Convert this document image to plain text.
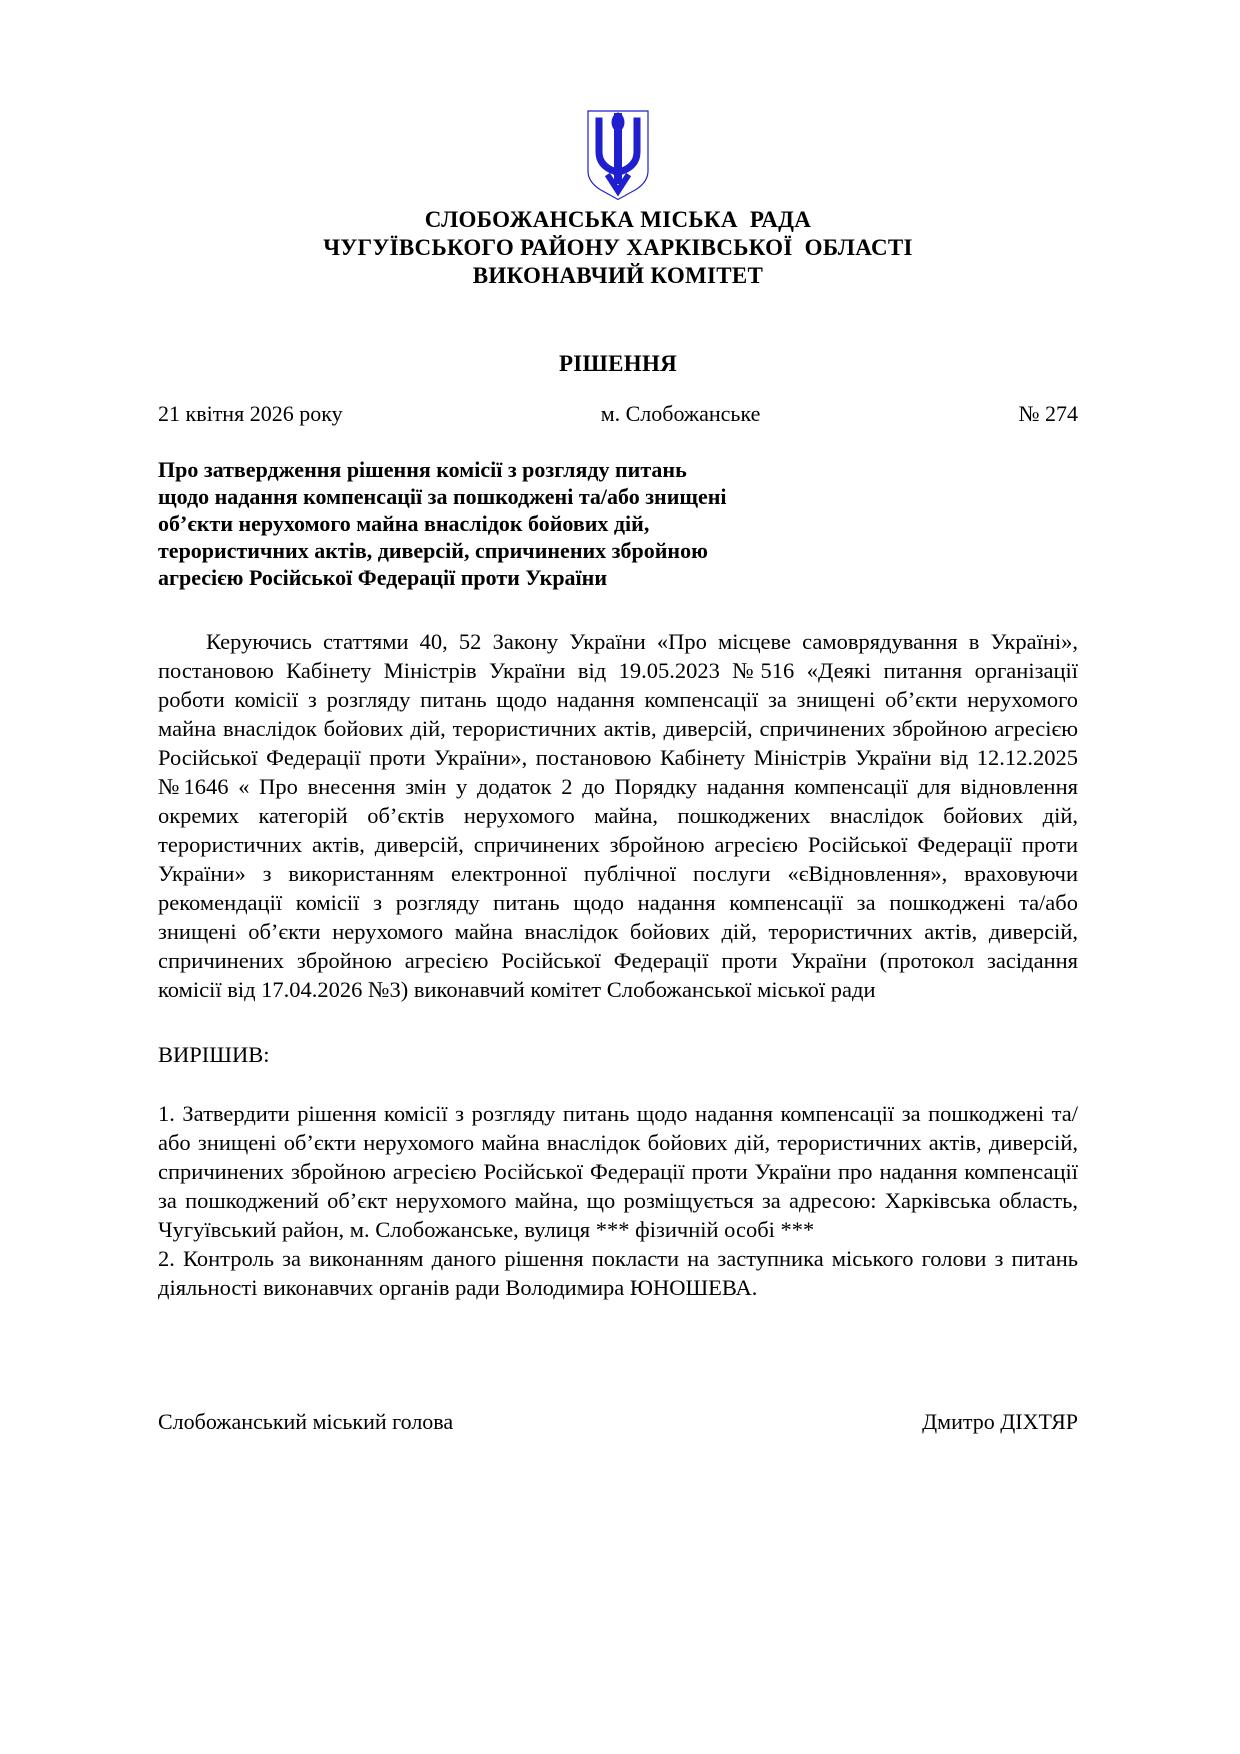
СЛОБОЖАНСЬКА МІСЬКА  РАДА
ЧУГУЇВСЬКОГО РАЙОНУ ХАРКІВСЬКОЇ  ОБЛАСТІ
ВИКОНАВЧИЙ КОМІТЕТ
РІШЕННЯ
21 квітня 2026 року	м. Слобожанське	№ 274
Про затвердження рішення комісії з розгляду питань
щодо надання компенсації за пошкоджені та/або знищені
об’єкти нерухомого майна внаслідок бойових дій,
терористичних актів, диверсій, спричинених збройною
агресією Російської Федерації проти України
Керуючись статтями 40, 52 Закону України «Про місцеве самоврядування в Україні», постановою Кабінету Міністрів України від 19.05.2023 №516 «Деякі питання організації роботи комісії з розгляду питань щодо надання компенсації за знищені об’єкти нерухомого майна внаслідок бойових дій, терористичних актів, диверсій, спричинених збройною агресією Російської Федерації проти України», постановою Кабінету Міністрів України від 12.12.2025 №1646 « Про внесення змін у додаток 2 до Порядку надання компенсації для відновлення окремих категорій об’єктів нерухомого майна, пошкоджених внаслідок бойових дій, терористичних актів, диверсій, спричинених збройною агресією Російської Федерації проти України» з використанням електронної публічної послуги «єВідновлення», враховуючи рекомендації комісії з розгляду питань щодо надання компенсації за пошкоджені та/або знищені об’єкти нерухомого майна внаслідок бойових дій, терористичних актів, диверсій, спричинених збройною агресією Російської Федерації проти України (протокол засідання комісії від 17.04.2026 №3) виконавчий комітет Слобожанської міської ради
ВИРІШИВ:
1. Затвердити рішення комісії з розгляду питань щодо надання компенсації за пошкоджені та/або знищені об’єкти нерухомого майна внаслідок бойових дій, терористичних актів, диверсій, спричинених збройною агресією Російської Федерації проти України про надання компенсації за пошкоджений об’єкт нерухомого майна, що розміщується за адресою: Харківська область, Чугуївський район, м. Слобожанське, вулиця *** фізичній особі ***
2. Контроль за виконанням даного рішення покласти на заступника міського голови з питань діяльності виконавчих органів ради Володимира ЮНОШЕВА.
Слобожанський міський голова	Дмитро ДІХТЯР
